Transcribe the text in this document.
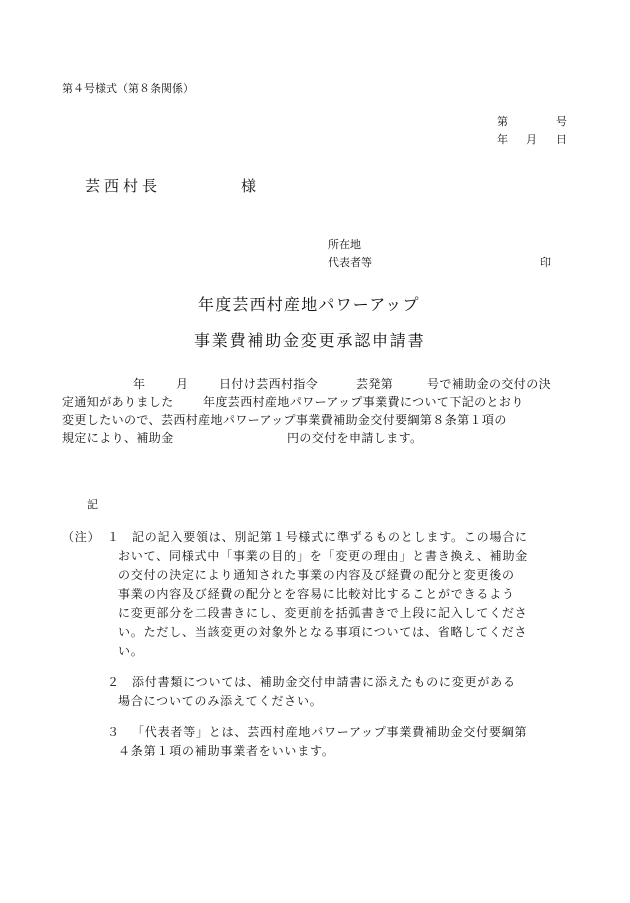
第４号様式（第８条関係）
第	号
年 月 日
芸西村長	様
所在地
代表者等	印
年度芸西村産地パワーアップ
事業費補助金変更承認申請書
年	月	日付け芸西村指令	芸発第	号で補助金の交付の決
定通知がありました 年度芸西村産地パワーアップ事業費について下記のとおり
変更したいので、芸西村産地パワーアップ事業費補助金交付要綱第８条第１項の
規定により、補助金	円の交付を申請します。
記
（注） １ 記の記入要領は、別記第１号様式に準ずるものとします。この場合に
おいて、同様式中「事業の目的」を「変更の理由」と書き換え、補助金
の交付の決定により通知された事業の内容及び経費の配分と変更後の
事業の内容及び経費の配分とを容易に比較対比することができるよう
に変更部分を二段書きにし、変更前を括弧書きで上段に記入してくださ
い。ただし、当該変更の対象外となる事項については、省略してくださ
い。
２ 添付書類については、補助金交付申請書に添えたものに変更がある
場合についてのみ添えてください。
３ 「代表者等」とは、芸西村産地パワーアップ事業費補助金交付要綱第
４条第１項の補助事業者をいいます。
